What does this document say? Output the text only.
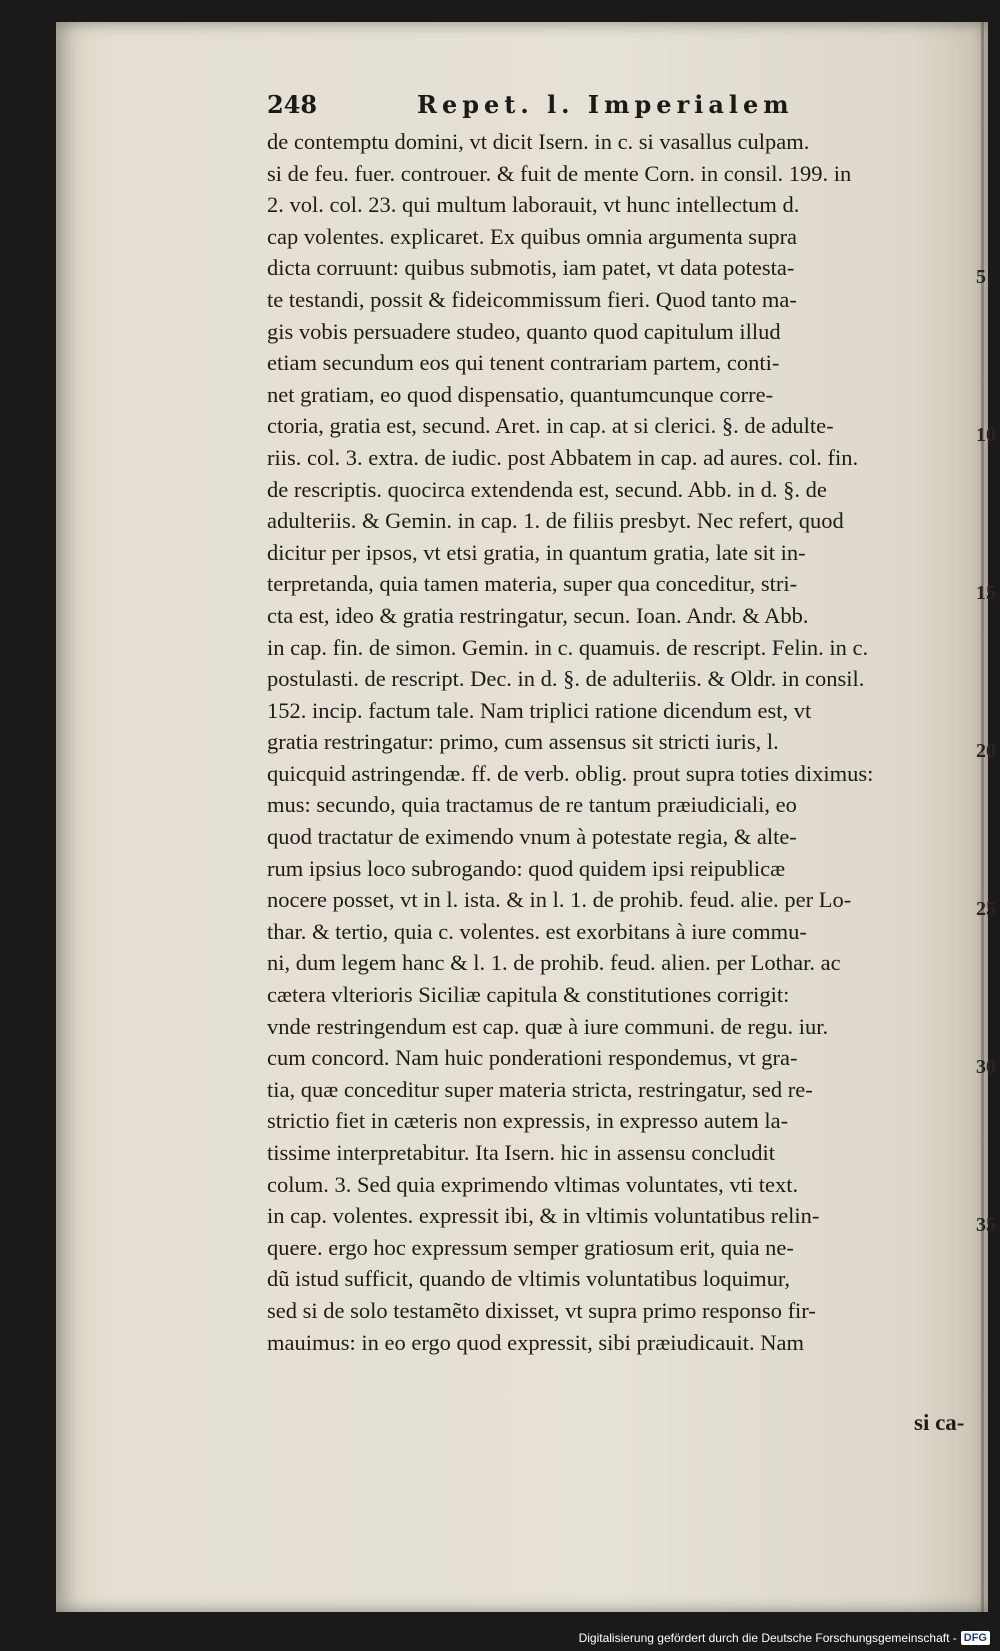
248	Repet. l. Imperialem
de contemptu domini, vt dicit Isern. in c. si vasallus culpam.
si de feu. fuer. controuer. & fuit de mente Corn. in consil. 199. in
2. vol. col. 23. qui multum laborauit, vt hunc intellectum d.
cap volentes. explicaret. Ex quibus omnia argumenta supra
dicta corruunt: quibus submotis, iam patet, vt data potesta-
te testandi, possit & fideicommissum fieri. Quod tanto ma-
gis vobis persuadere studeo, quanto quod capitulum illud
etiam secundum eos qui tenent contrariam partem, conti-
net gratiam, eo quod dispensatio, quantumcunque corre-
ctoria, gratia est, secund. Aret. in cap. at si clerici. §. de adulte-
riis. col. 3. extra. de iudic. post Abbatem in cap. ad aures. col. fin.
de rescriptis. quocirca extendenda est, secund. Abb. in d. §. de
adulteriis. & Gemin. in cap. 1. de filiis presbyt. Nec refert, quod
dicitur per ipsos, vt etsi gratia, in quantum gratia, late sit in-
terpretanda, quia tamen materia, super qua conceditur, stri-
cta est, ideo & gratia restringatur, secun. Ioan. Andr. & Abb.
in cap. fin. de simon. Gemin. in c. quamuis. de rescript. Felin. in c.
postulasti. de rescript. Dec. in d. §. de adulteriis. & Oldr. in consil.
152. incip. factum tale. Nam triplici ratione dicendum est, vt
gratia restringatur: primo, cum assensus sit stricti iuris, l.
quicquid astringendæ. ff. de verb. oblig. prout supra toties diximus:
mus: secundo, quia tractamus de re tantum præiudiciali, eo
quod tractatur de eximendo vnum à potestate regia, & alte-
rum ipsius loco subrogando: quod quidem ipsi reipublicæ
nocere posset, vt in l. ista. & in l. 1. de prohib. feud. alie. per Lo-
thar. & tertio, quia c. volentes. est exorbitans à iure commu-
ni, dum legem hanc & l. 1. de prohib. feud. alien. per Lothar. ac
cætera vlterioris Siciliæ capitula & constitutiones corrigit:
vnde restringendum est cap. quæ à iure communi. de regu. iur.
cum concord. Nam huic ponderationi respondemus, vt gra-
tia, quæ conceditur super materia stricta, restringatur, sed re-
strictio fiet in cæteris non expressis, in expresso autem la-
tissime interpretabitur. Ita Isern. hic in assensu concludit
colum. 3. Sed quia exprimendo vltimas voluntates, vti text.
in cap. volentes. expressit ibi, & in vltimis voluntatibus relin-
quere. ergo hoc expressum semper gratiosum erit, quia ne-
dũ istud sufficit, quando de vltimis voluntatibus loquimur,
sed si de solo testamẽto dixisset, vt supra primo responso fir-
mauimus: in eo ergo quod expressit, sibi præiudicauit. Nam
5
10
15
20
25
30
35
si ca-
Digitalisierung gefördert durch die Deutsche Forschungsgemeinschaft - DFG
